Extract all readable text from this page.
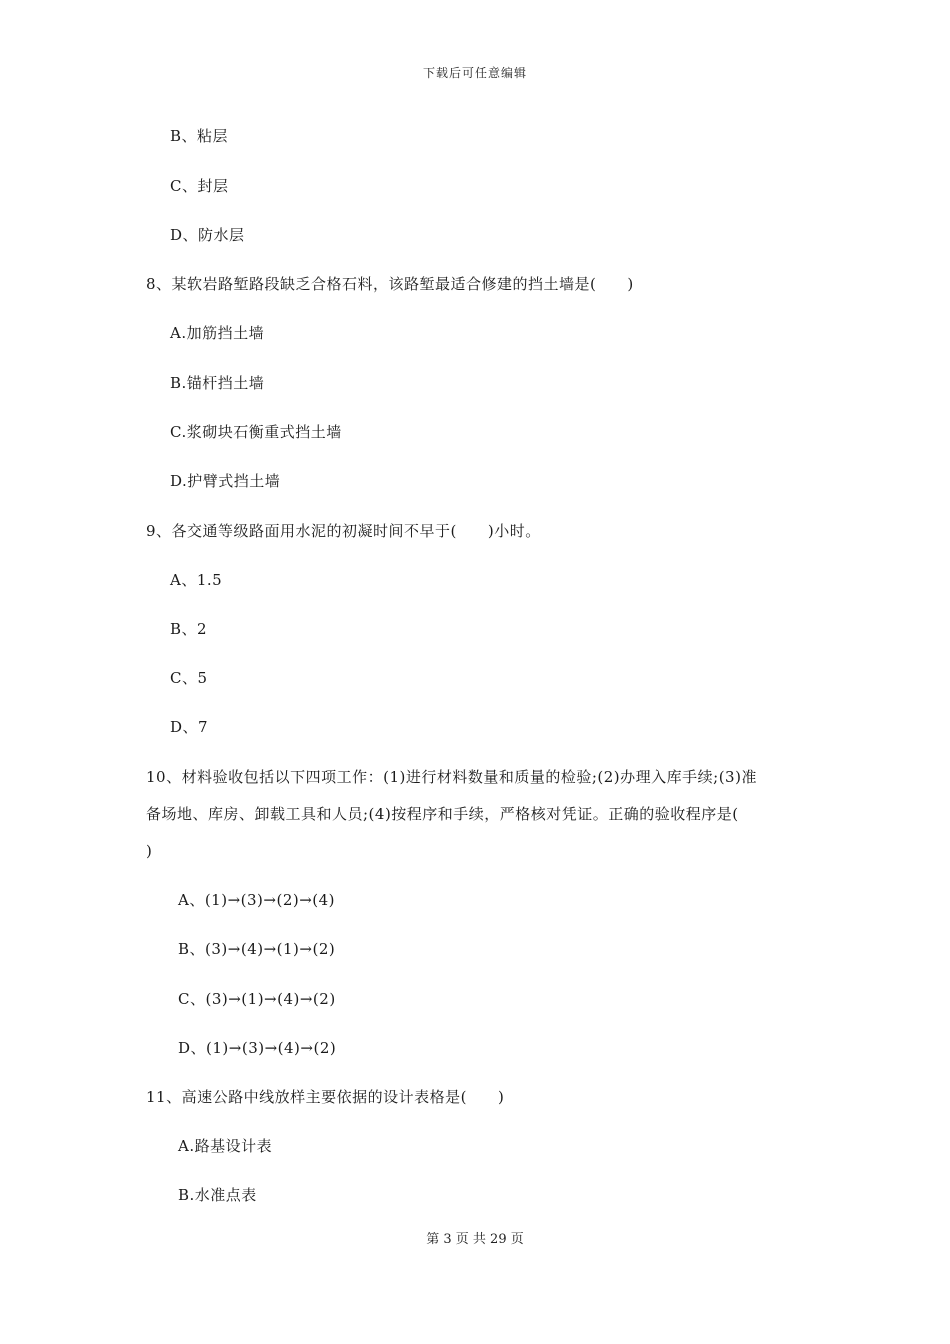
下载后可任意编辑
B、粘层
C、封层
D、防水层
8、某软岩路堑路段缺乏合格石料，该路堑最适合修建的挡土墙是(　　)
A.加筋挡土墙
B.锚杆挡土墙
C.浆砌块石衡重式挡土墙
D.护臂式挡土墙
9、各交通等级路面用水泥的初凝时间不早于(　　)小时。
A、1.5
B、2
C、5
D、7
10、材料验收包括以下四项工作：(1)进行材料数量和质量的检验;(2)办理入库手续;(3)准
备场地、库房、卸载工具和人员;(4)按程序和手续，严格核对凭证。正确的验收程序是(
)
A、(1)→(3)→(2)→(4)
B、(3)→(4)→(1)→(2)
C、(3)→(1)→(4)→(2)
D、(1)→(3)→(4)→(2)
11、高速公路中线放样主要依据的设计表格是(　　)
A.路基设计表
B.水准点表
第 3 页 共 29 页
